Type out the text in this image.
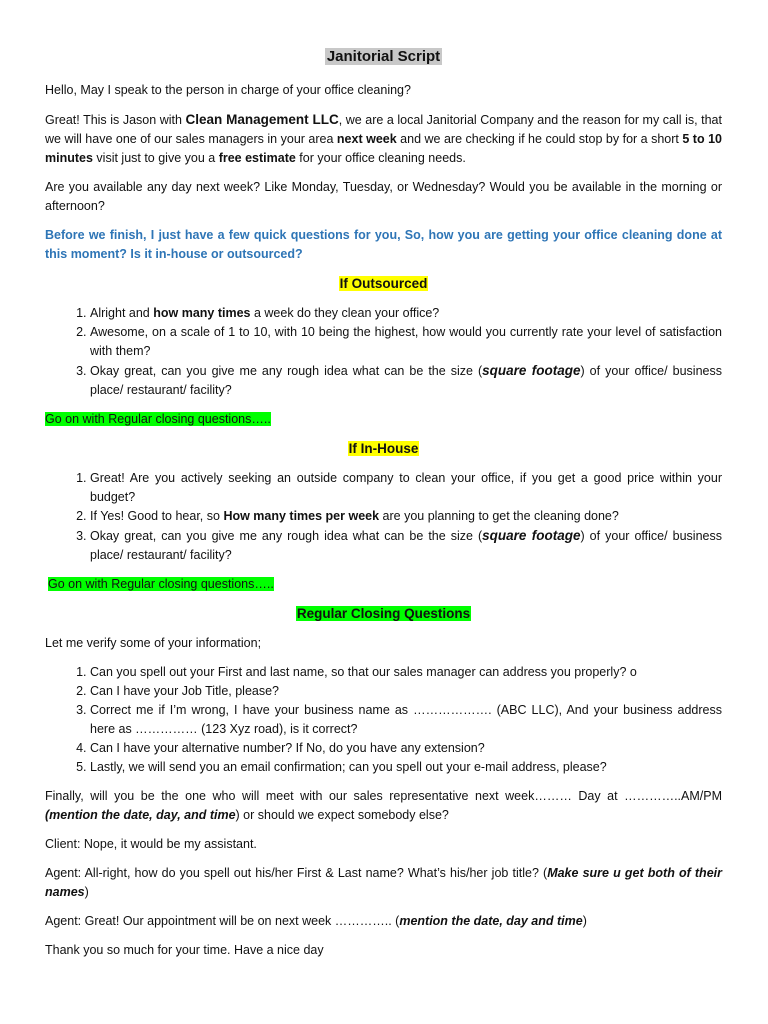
Janitorial Script

Hello, May I speak to the person in charge of your office cleaning?

Great! This is Jason with Clean Management LLC, we are a local Janitorial Company and the reason for my call is, that we will have one of our sales managers in your area next week and we are checking if he could stop by for a short 5 to 10 minutes visit just to give you a free estimate for your office cleaning needs.

Are you available any day next week? Like Monday, Tuesday, or Wednesday? Would you be available in the morning or afternoon?

Before we finish, I just have a few quick questions for you, So, how you are getting your office cleaning done at this moment? Is it in-house or outsourced?

If Outsourced

1. Alright and how many times a week do they clean your office?
2. Awesome, on a scale of 1 to 10, with 10 being the highest, how would you currently rate your level of satisfaction with them?
3. Okay great, can you give me any rough idea what can be the size (square footage) of your office/ business place/ restaurant/ facility?

Go on with Regular closing questions…..

If In-House

1. Great! Are you actively seeking an outside company to clean your office, if you get a good price within your budget?
2. If Yes! Good to hear, so How many times per week are you planning to get the cleaning done?
3. Okay great, can you give me any rough idea what can be the size (square footage) of your office/ business place/ restaurant/ facility?

Go on with Regular closing questions…..

Regular Closing Questions

Let me verify some of your information;

1. Can you spell out your First and last name, so that our sales manager can address you properly? o
2. Can I have your Job Title, please?
3. Correct me if I’m wrong, I have your business name as ………………. (ABC LLC), And your business address here as …………… (123 Xyz road), is it correct?
4. Can I have your alternative number? If No, do you have any extension?
5. Lastly, we will send you an email confirmation; can you spell out your e-mail address, please?

Finally, will you be the one who will meet with our sales representative next week……… Day at …………..AM/PM (mention the date, day, and time) or should we expect somebody else?

Client: Nope, it would be my assistant.

Agent: All-right, how do you spell out his/her First & Last name? What’s his/her job title? (Make sure u get both of their names)

Agent: Great! Our appointment will be on next week ………….. (mention the date, day and time)

Thank you so much for your time. Have a nice day
